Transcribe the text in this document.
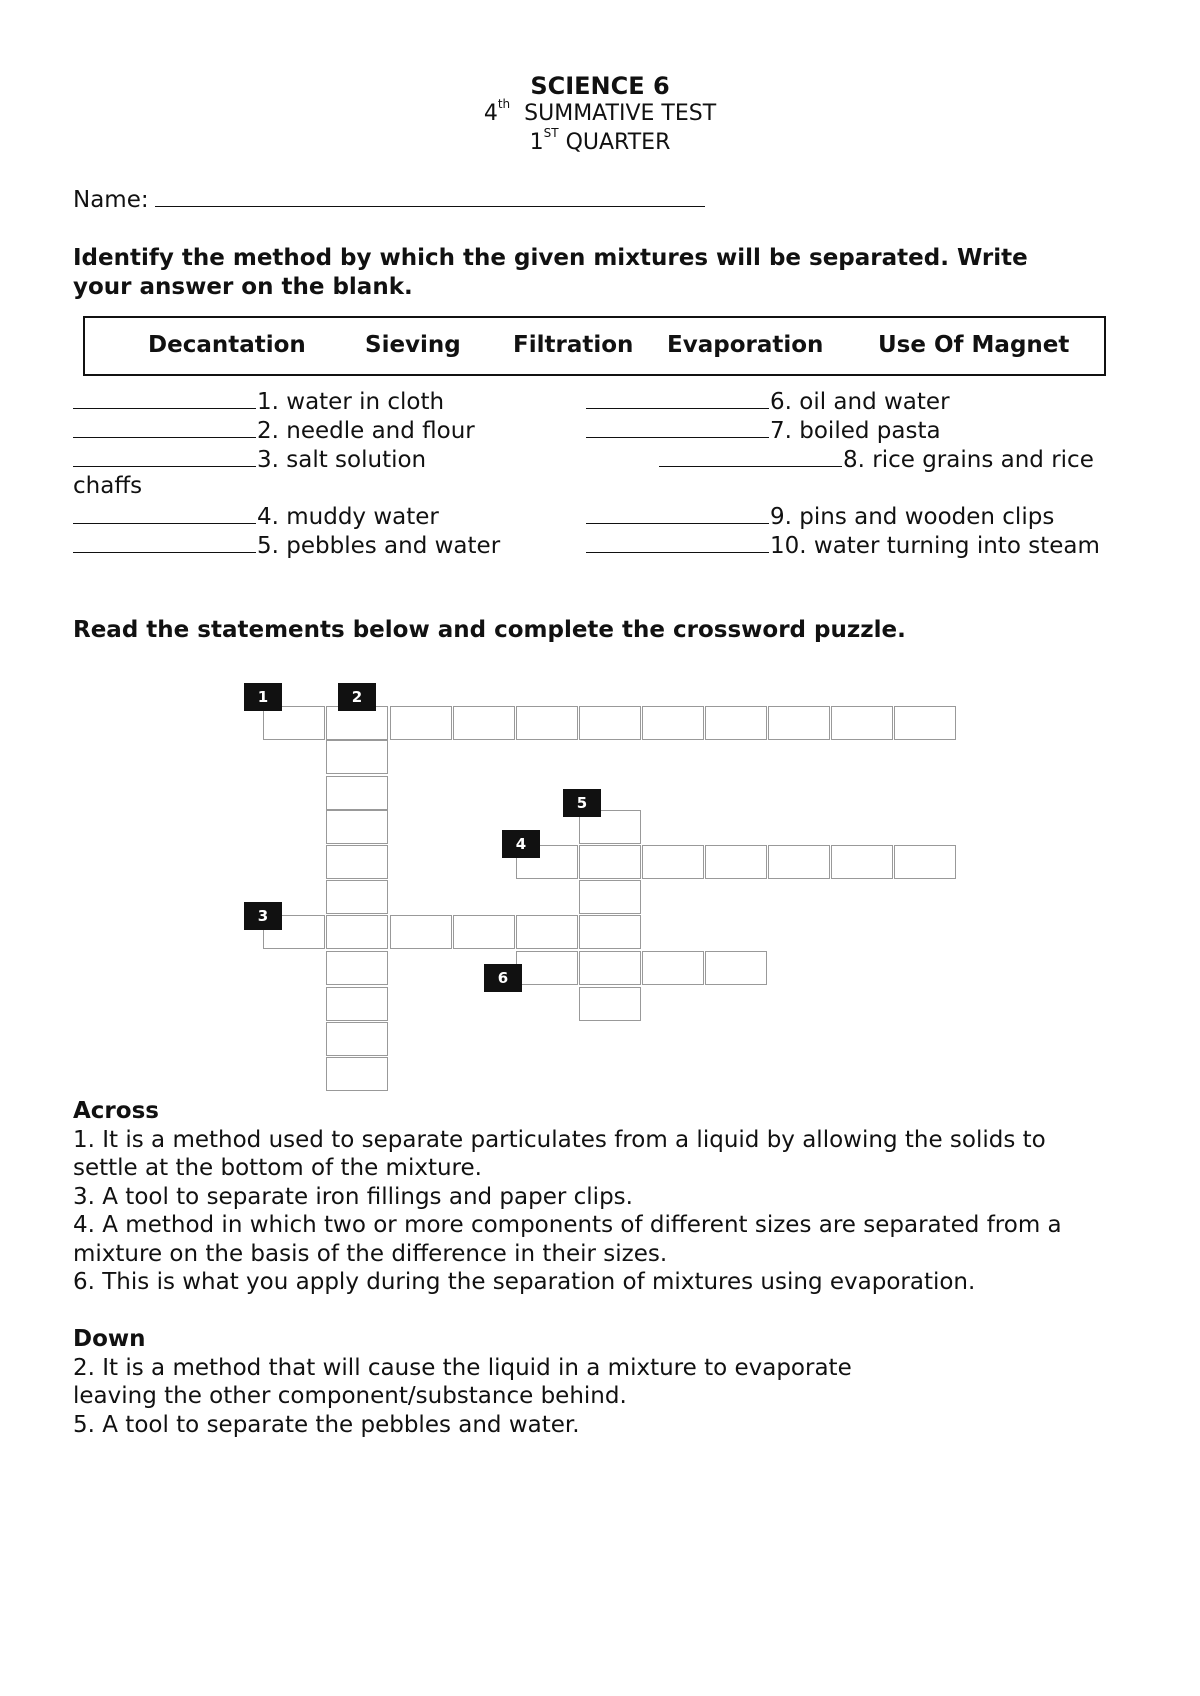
SCIENCE 6
4th SUMMATIVE TEST
1ST QUARTER
Name:
Identify the method by which the given mixtures will be separated. Write
your answer on the blank.
Decantation	Sieving Filtration Evaporation Use Of Magnet
1. water in cloth
2. needle and flour
3. salt solution
chaffs
4. muddy water
5. pebbles and water
6. oil and water
7. boiled pasta
8. rice grains and rice
9. pins and wooden clips
10. water turning into steam
Read the statements below and complete the crossword puzzle.
1	2
3
4
5
6
Across
1. It is a method used to separate particulates from a liquid by allowing the solids to
settle at the bottom of the mixture.
3. A tool to separate iron fillings and paper clips.
4. A method in which two or more components of different sizes are separated from a
mixture on the basis of the difference in their sizes.
6. This is what you apply during the separation of mixtures using evaporation.
Down
2. It is a method that will cause the liquid in a mixture to evaporate
leaving the other component/substance behind.
5. A tool to separate the pebbles and water.
